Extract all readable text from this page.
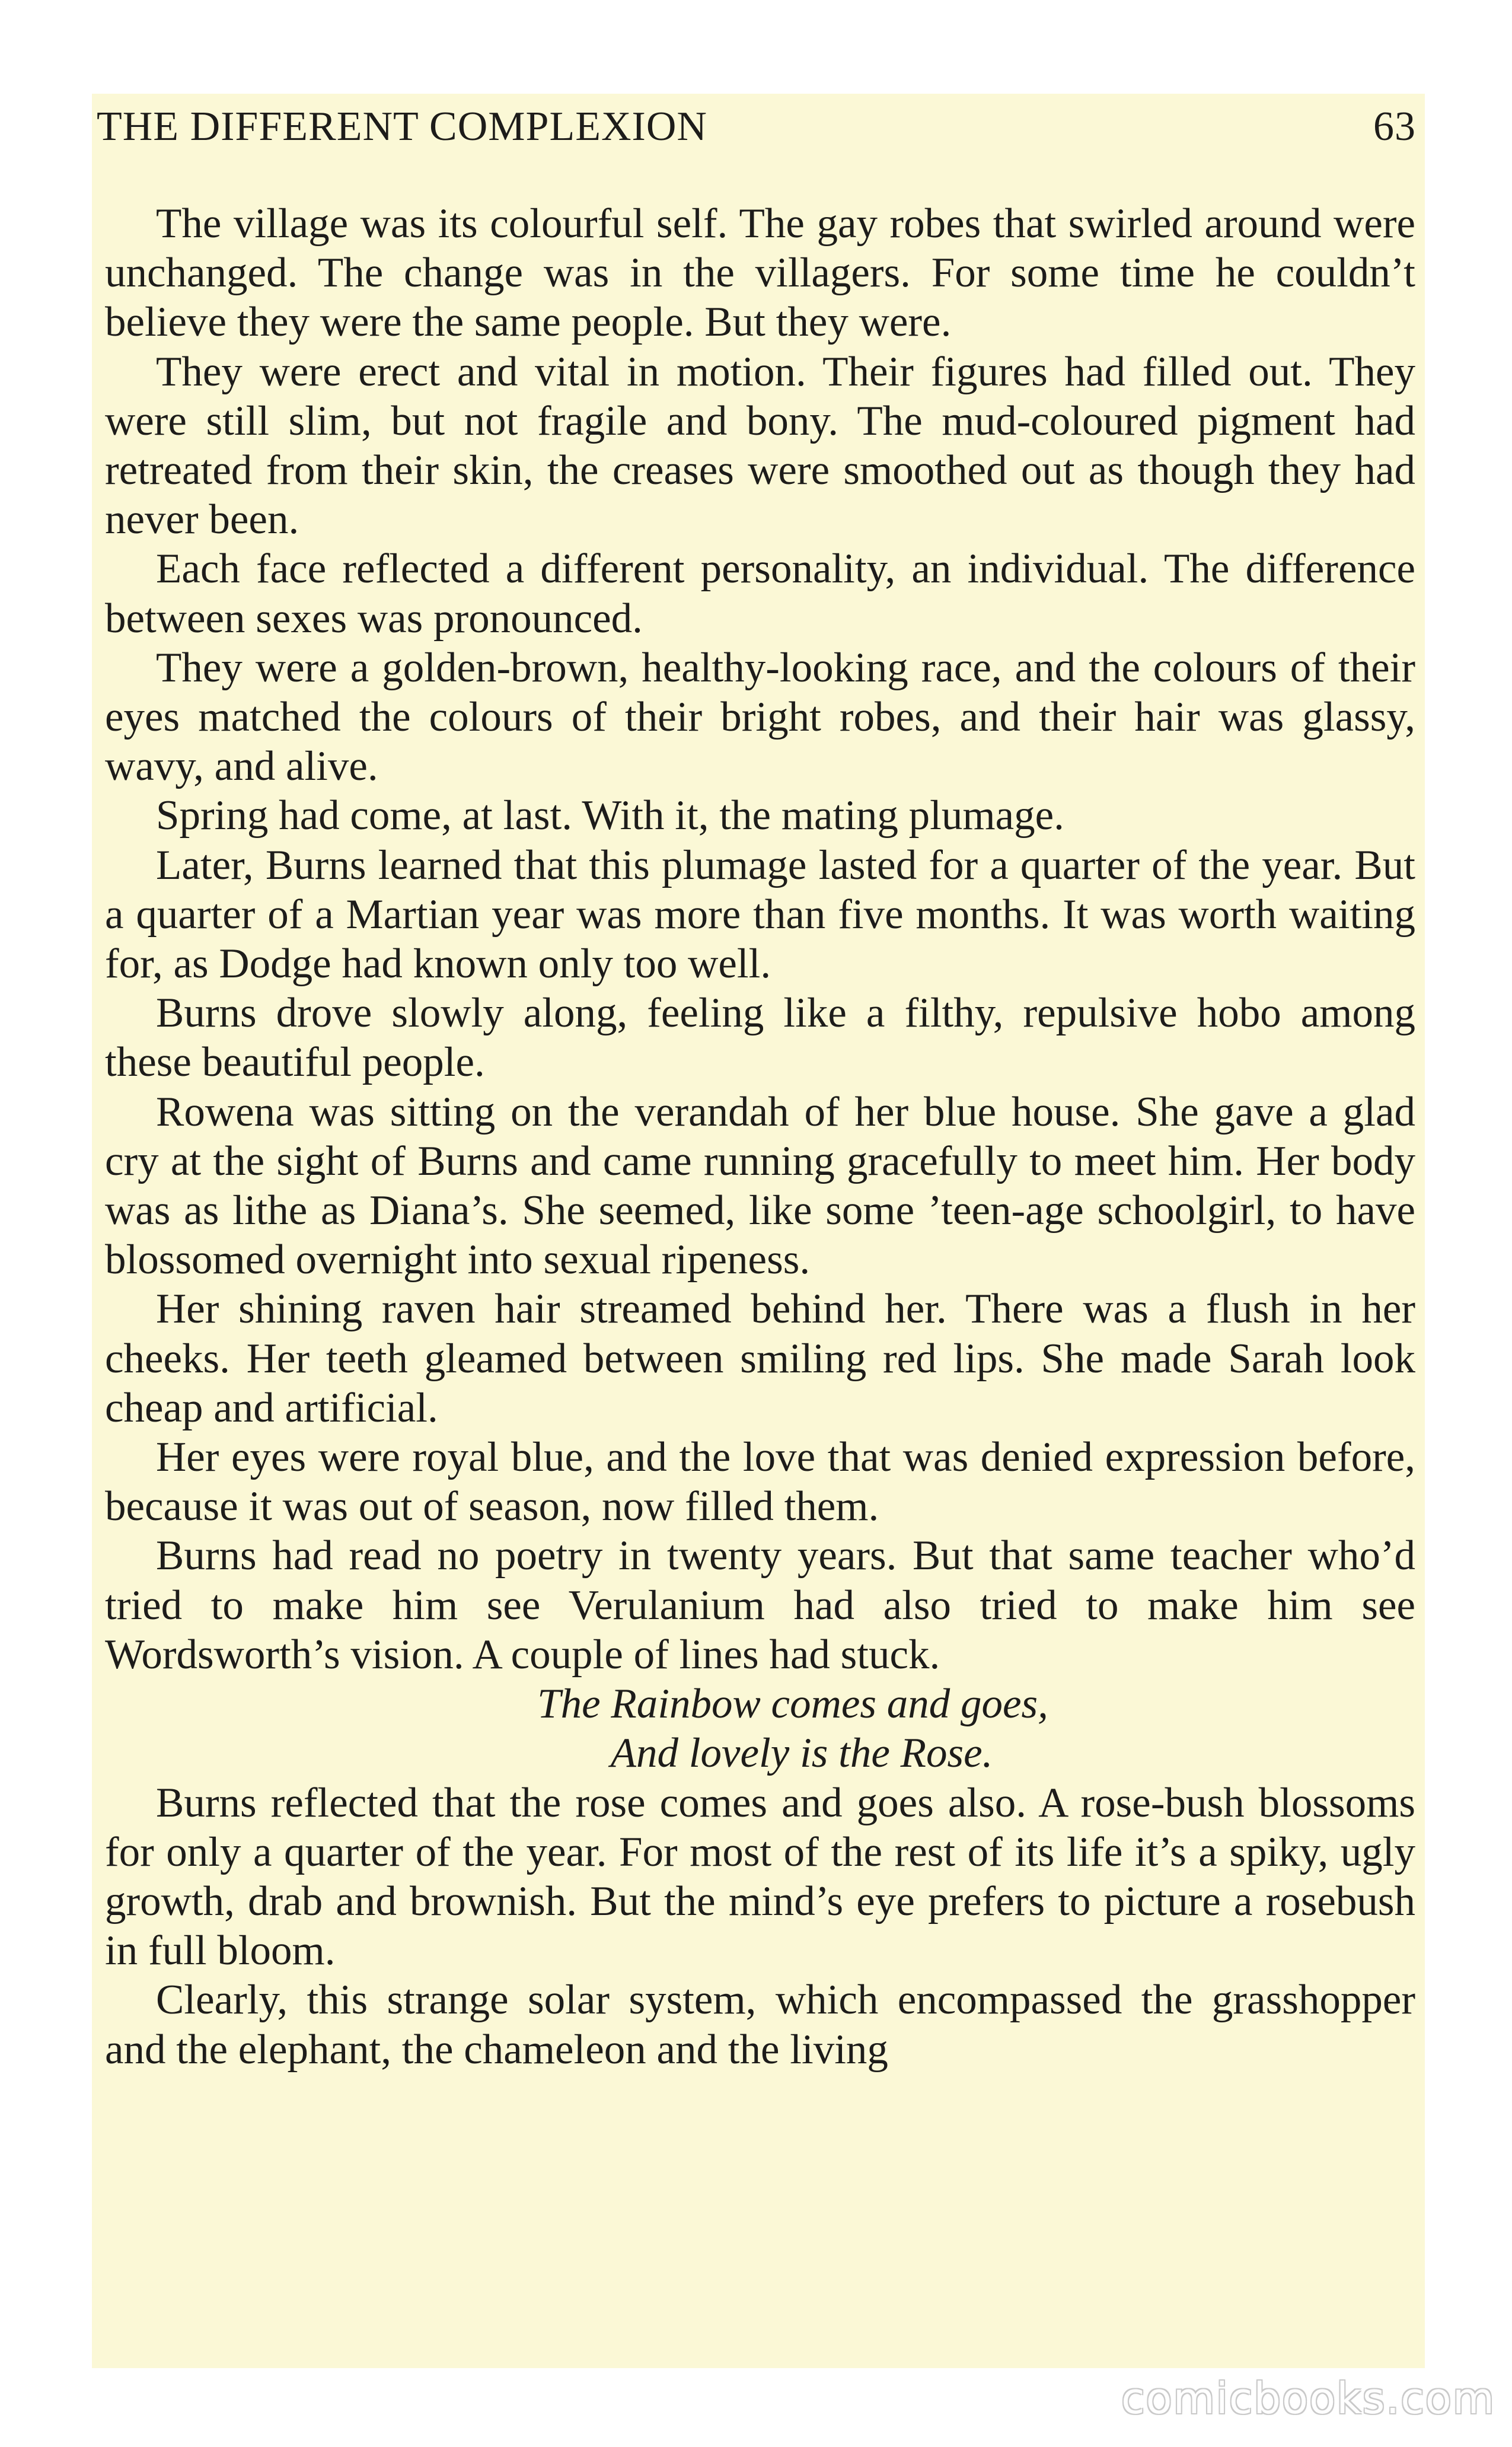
THE DIFFERENT COMPLEXION	63

The village was its colourful self. The gay robes that swirled around were unchanged. The change was in the villagers. For some time he couldn’t believe they were the same people. But they were.

They were erect and vital in motion. Their figures had filled out. They were still slim, but not fragile and bony. The mud-coloured pigment had retreated from their skin, the creases were smoothed out as though they had never been.

Each face reflected a different personality, an individual. The difference between sexes was pronounced.

They were a golden-brown, healthy-looking race, and the colours of their eyes matched the colours of their bright robes, and their hair was glassy, wavy, and alive.

Spring had come, at last. With it, the mating plumage.

Later, Burns learned that this plumage lasted for a quarter of the year. But a quarter of a Martian year was more than five months. It was worth waiting for, as Dodge had known only too well.

Burns drove slowly along, feeling like a filthy, repulsive hobo among these beautiful people.

Rowena was sitting on the verandah of her blue house. She gave a glad cry at the sight of Burns and came running gracefully to meet him. Her body was as lithe as Diana’s. She seemed, like some ’teen-age schoolgirl, to have blossomed overnight into sexual ripeness.

Her shining raven hair streamed behind her. There was a flush in her cheeks. Her teeth gleamed between smiling red lips. She made Sarah look cheap and artificial.

Her eyes were royal blue, and the love that was denied expression before, because it was out of season, now filled them.

Burns had read no poetry in twenty years. But that same teacher who’d tried to make him see Verulanium had also tried to make him see Wordsworth’s vision. A couple of lines had stuck.

The Rainbow comes and goes,
And lovely is the Rose.

Burns reflected that the rose comes and goes also. A rose-bush blossoms for only a quarter of the year. For most of the rest of its life it’s a spiky, ugly growth, drab and brownish. But the mind’s eye prefers to picture a rosebush in full bloom.

Clearly, this strange solar system, which encompassed the grasshopper and the elephant, the chameleon and the living

comicbooks.com
